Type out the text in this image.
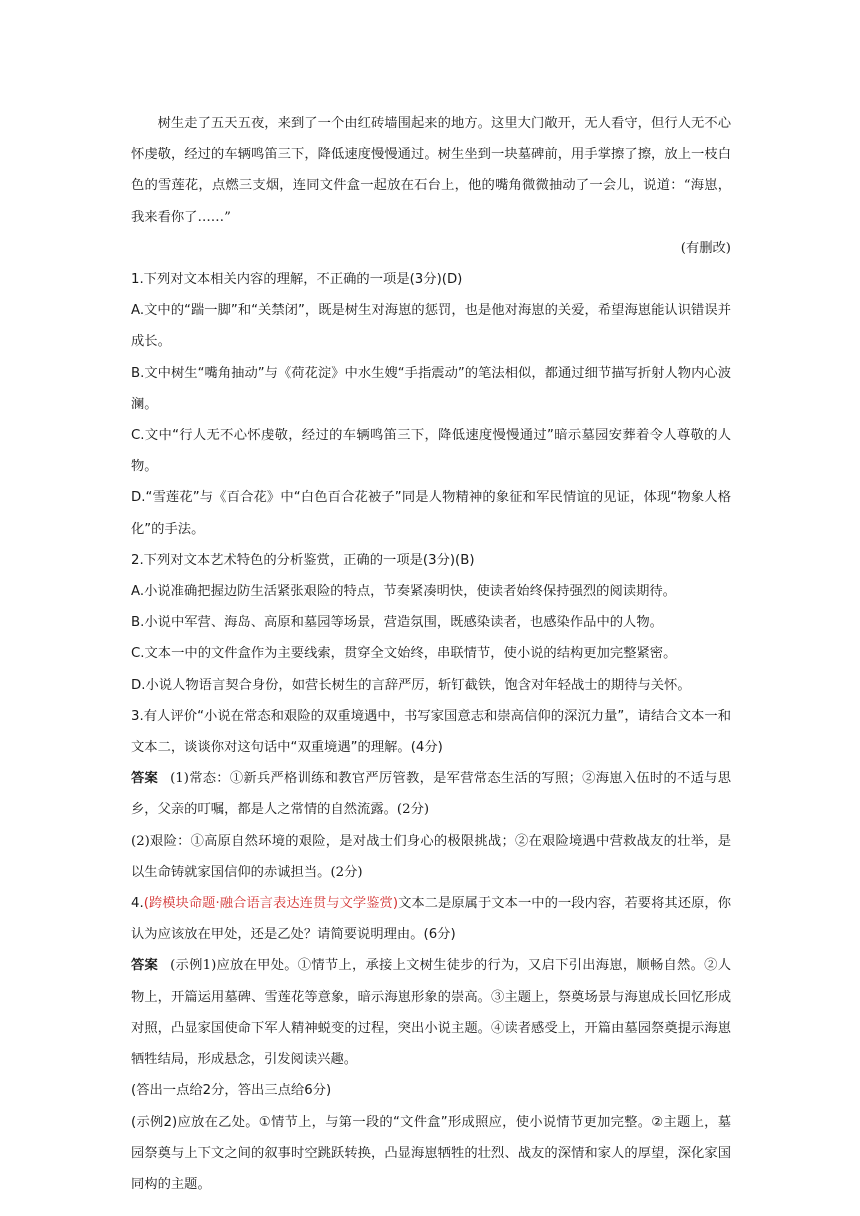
树生走了五天五夜，来到了一个由红砖墙围起来的地方。这里大门敞开，无人看守，但行人无不心怀虔敬，经过的车辆鸣笛三下，降低速度慢慢通过。树生坐到一块墓碑前，用手掌擦了擦，放上一枝白色的雪莲花，点燃三支烟，连同文件盒一起放在石台上，他的嘴角微微抽动了一会儿，说道：“海崽，我来看你了……”

(有删改)

1.下列对文本相关内容的理解，不正确的一项是(3分)(D)

A.文中的“踹一脚”和“关禁闭”，既是树生对海崽的惩罚，也是他对海崽的关爱，希望海崽能认识错误并成长。

B.文中树生“嘴角抽动”与《荷花淀》中水生嫂“手指震动”的笔法相似，都通过细节描写折射人物内心波澜。

C.文中“行人无不心怀虔敬，经过的车辆鸣笛三下，降低速度慢慢通过”暗示墓园安葬着令人尊敬的人物。

D.“雪莲花”与《百合花》中“白色百合花被子”同是人物精神的象征和军民情谊的见证，体现“物象人格化”的手法。

2.下列对文本艺术特色的分析鉴赏，正确的一项是(3分)(B)

A.小说准确把握边防生活紧张艰险的特点，节奏紧凑明快，使读者始终保持强烈的阅读期待。

B.小说中军营、海岛、高原和墓园等场景，营造氛围，既感染读者，也感染作品中的人物。

C.文本一中的文件盒作为主要线索，贯穿全文始终，串联情节，使小说的结构更加完整紧密。

D.小说人物语言契合身份，如营长树生的言辞严厉，斩钉截铁，饱含对年轻战士的期待与关怀。

3.有人评价“小说在常态和艰险的双重境遇中，书写家国意志和崇高信仰的深沉力量”，请结合文本一和文本二，谈谈你对这句话中“双重境遇”的理解。(4分)

答案 (1)常态：①新兵严格训练和教官严厉管教，是军营常态生活的写照；②海崽入伍时的不适与思乡，父亲的叮嘱，都是人之常情的自然流露。(2分)

(2)艰险：①高原自然环境的艰险，是对战士们身心的极限挑战；②在艰险境遇中营救战友的壮举，是以生命铸就家国信仰的赤诚担当。(2分)

4.(跨模块命题·融合语言表达连贯与文学鉴赏)文本二是原属于文本一中的一段内容，若要将其还原，你认为应该放在甲处，还是乙处？请简要说明理由。(6分)

答案 (示例1)应放在甲处。①情节上，承接上文树生徒步的行为，又启下引出海崽，顺畅自然。②人物上，开篇运用墓碑、雪莲花等意象，暗示海崽形象的崇高。③主题上，祭奠场景与海崽成长回忆形成对照，凸显家国使命下军人精神蜕变的过程，突出小说主题。④读者感受上，开篇由墓园祭奠提示海崽牺牲结局，形成悬念，引发阅读兴趣。

(答出一点给2分，答出三点给6分)

(示例2)应放在乙处。①情节上，与第一段的“文件盒”形成照应，使小说情节更加完整。②主题上，墓园祭奠与上下文之间的叙事时空跳跃转换，凸显海崽牺牲的壮烈、战友的深情和家人的厚望，深化家国同构的主题。
